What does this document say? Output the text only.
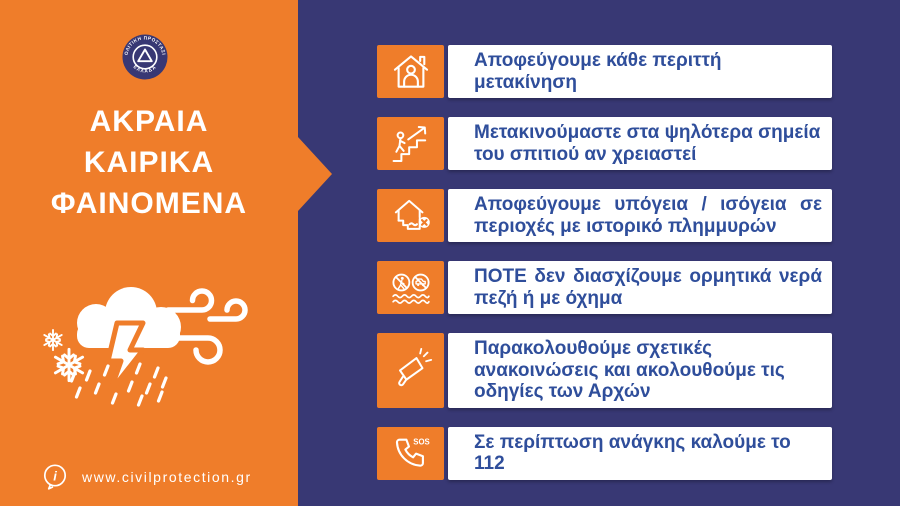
ΟΛΙΤΙΚΗ ΠΡΟΣΤΑΣΙ
ΕΛΛΑΔΑ
ΑΚΡΑΙΑ
ΚΑΙΡΙΚΑ
ΦΑΙΝΟΜΕΝΑ
i www.civilprotection.gr
Αποφεύγουμε κάθε περιττή μετακίνηση
Μετακινούμαστε στα ψηλότερα σημεία του σπιτιού αν χρειαστεί
Αποφεύγουμε υπόγεια / ισόγεια σε περιοχές με ιστορικό πλημμυρών
ΠΟΤΕ δεν διασχίζουμε ορμητικά νερά πεζή ή με όχημα
Παρακολουθούμε σχετικές ανακοινώσεις και ακολουθούμε τις οδηγίες των Αρχών
SOS Σε περίπτωση ανάγκης καλούμε το 112
